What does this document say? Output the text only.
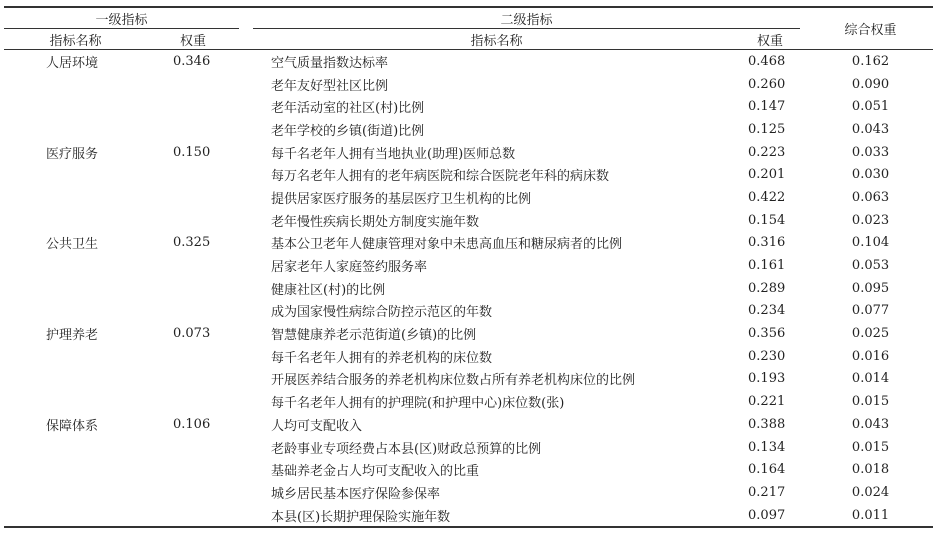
一级指标			二级指标			综合权重
指标名称	权重		指标名称	权重		
人居环境	0.346		空气质量指数达标率	0.468		0.162
			老年友好型社区比例	0.260		0.090
			老年活动室的社区(村)比例	0.147		0.051
			老年学校的乡镇(街道)比例	0.125		0.043
医疗服务	0.150		每千名老年人拥有当地执业(助理)医师总数	0.223		0.033
			每万名老年人拥有的老年病医院和综合医院老年科的病床数	0.201		0.030
			提供居家医疗服务的基层医疗卫生机构的比例	0.422		0.063
			老年慢性疾病长期处方制度实施年数	0.154		0.023
公共卫生	0.325		基本公卫老年人健康管理对象中未患高血压和糖尿病者的比例	0.316		0.104
			居家老年人家庭签约服务率	0.161		0.053
			健康社区(村)的比例	0.289		0.095
			成为国家慢性病综合防控示范区的年数	0.234		0.077
护理养老	0.073		智慧健康养老示范街道(乡镇)的比例	0.356		0.025
			每千名老年人拥有的养老机构的床位数	0.230		0.016
			开展医养结合服务的养老机构床位数占所有养老机构床位的比例	0.193		0.014
			每千名老年人拥有的护理院(和护理中心)床位数(张)	0.221		0.015
保障体系	0.106		人均可支配收入	0.388		0.043
			老龄事业专项经费占本县(区)财政总预算的比例	0.134		0.015
			基础养老金占人均可支配收入的比重	0.164		0.018
			城乡居民基本医疗保险参保率	0.217		0.024
			本县(区)长期护理保险实施年数	0.097		0.011
